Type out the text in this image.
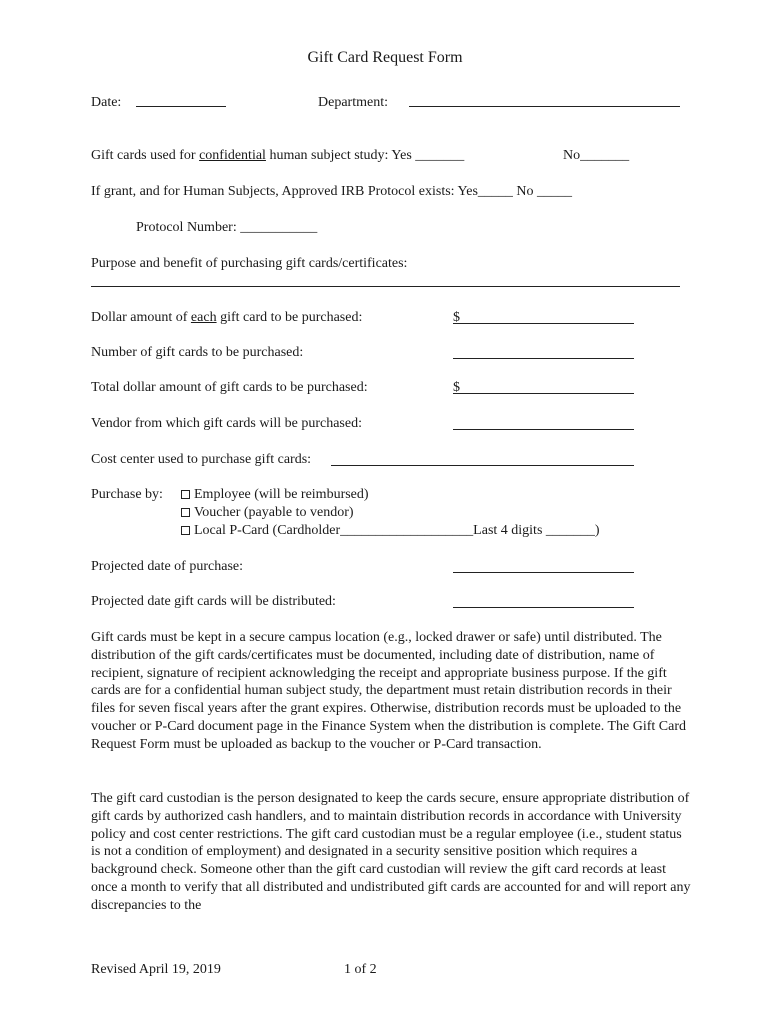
Gift Card Request Form
Date:	Department:
Gift cards used for confidential human subject study: Yes _______	No_______
If grant, and for Human Subjects, Approved IRB Protocol exists: Yes_____ No _____
Protocol Number: ___________
Purpose and benefit of purchasing gift cards/certificates:
Dollar amount of each gift card to be purchased:	$
Number of gift cards to be purchased:
Total dollar amount of gift cards to be purchased:	$
Vendor from which gift cards will be purchased:
Cost center used to purchase gift cards:
Purchase by:	Employee (will be reimbursed)
Voucher (payable to vendor)
Local P-Card (Cardholder___________________Last 4 digits _______)
Projected date of purchase:
Projected date gift cards will be distributed:
Gift cards must be kept in a secure campus location (e.g., locked drawer or safe) until distributed. The distribution of the gift cards/certificates must be documented, including date of distribution, name of recipient, signature of recipient acknowledging the receipt and appropriate business purpose. If the gift cards are for a confidential human subject study, the department must retain distribution records in their files for seven fiscal years after the grant expires. Otherwise, distribution records must be uploaded to the voucher or P-Card document page in the Finance System when the distribution is complete. The Gift Card Request Form must be uploaded as backup to the voucher or P-Card transaction.
The gift card custodian is the person designated to keep the cards secure, ensure appropriate distribution of gift cards by authorized cash handlers, and to maintain distribution records in accordance with University policy and cost center restrictions. The gift card custodian must be a regular employee (i.e., student status is not a condition of employment) and designated in a security sensitive position which requires a background check. Someone other than the gift card custodian will review the gift card records at least once a month to verify that all distributed and undistributed gift cards are accounted for and will report any discrepancies to the
Revised April 19, 2019	1 of 2
